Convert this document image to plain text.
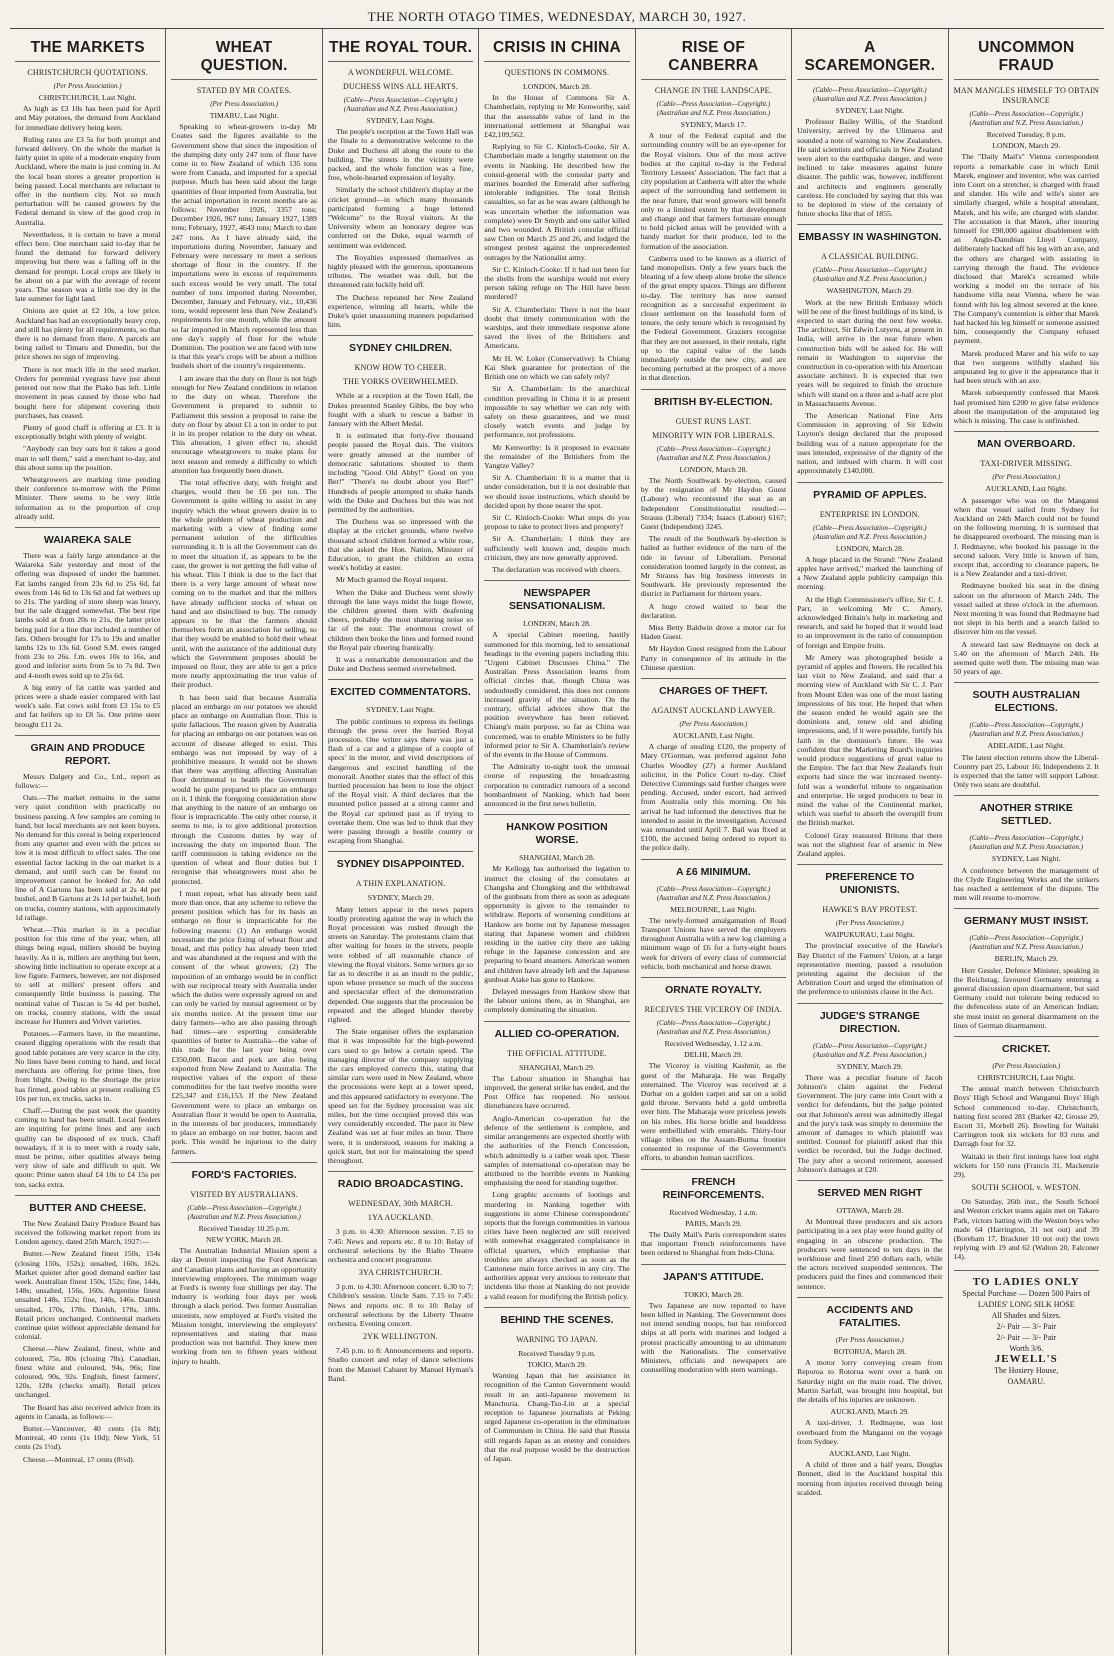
THE NORTH OTAGO TIMES, WEDNESDAY, MARCH 30, 1927.
THE MARKETS
CHRISTCHURCH QUOTATIONS.
(Per Press Association.)
CHRISTCHURCH, Last Night.
As high as £3 10s has been paid for April and May potatoes, the demand from Auckland for immediate delivery being keen.
Ruling rates are £3 5s for both prompt and forward delivery. On the whole the market is fairly quiet in spite of a moderate enquiry from Auckland, where the main is just coming in. At the local bean stores a greater proportion is being passed. Local merchants are reluctant to offer in the northern city. Not so much perturbation will be caused growers by the Federal demand in view of the good crop in Australia.
Nevertheless, it is certain to have a moral effect here. One merchant said to-day that he found the demand for forward delivery improving but there was a falling off in the demand for prompt. Local crops are likely to be about on a par with the average of recent years. The season was a little too dry in the late summer for light land.
Onions are quiet at £2 10s, a low price. Auckland has had an exceptionally heavy crop, and still has plenty for all requirements, so that there is no demand from there. A parcels are being railed to Timaru and Dunedin, but the price shows no sign of improving.
There is not much life in the seed market. Orders for perennial ryegrass have just about petered out now that the Piako has left. Little movement in peas caused by those who had bought here for shipment covering their purchases, has ceased.
Plenty of good chaff is offering at £3. It is exceptionally bright with plenty of weight.
"Anybody can buy oats but it takes a good man to sell them," said a merchant to-day, and this about sums up the position.
Wheatgrowers are marking time pending their conference to-morrow with the Prime Minister. There seems to be very little information as to the proportion of crop already sold.
WAIAREKA SALE
There was a fairly large attendance at the Waiareka Sale yesterday and most of the offering was disposed of under the hammer. Fat lambs ranged from 23s 6d to 25s 6d, fat ewes from 14s 6d to 13s 6d and fat wethers up to 21s. The yarding of store sheep was heavy, but the sale dragged somewhat. The best ripe lambs sold at from 20s to 21s, the latter price being paid for a line that included a number of fats. Others brought for 17s to 19s and smaller lambs 12s to 13s 6d. Good S.M. ewes ranged from 23s to 26s. f.m. ewes 10s to 16s, and good and inferior sorts from 5s to 7s 8d. Two and 4-tooth ewes sold up to 25s 6d.
A big entry of fat cattle was yarded and prices were a shade easier compared with last week's sale. Fat cows sold from £3 15s to £5 and fat heifers up to £8 5s. One prime steer brought £11 2s.
GRAIN AND PRODUCE REPORT.
Messrs Dalgety and Co., Ltd., report as follows:—
Oats.—The market remains in the same very quiet condition with practically no business passing. A few samples are coming to hand, but local merchants are not keen buyers. No demand for this cereal is being experienced from any quarter and even with the prices so low it is most difficult to effect sales. The one essential factor lacking in the oat market is a demand, and until such can be found no improvement cannot be looked for. An odd line of A Gartons has been sold at 2s 4d per bushel, and B Gartons at 2s 1d per bushel, both on trucks, country stations, with approximately 1d railage.
Wheat.—This market is in a peculiar position for this time of the year, when, all things being equal, millers should be buying heavily. As it is, millers are anything but keen, showing little inclination to operate except at a low figure. Farmers, however, are not disposed to sell at millers' present offers and consequently little business is passing. The nominal value of Tuscan is 5s 4d per bushel, on trucks, country stations, with the usual increase for Hunters and Velvet varieties.
Potatoes.—Farmers have, in the meantime, ceased digging operations with the result that good table potatoes are very scarce in the city. No lines have been coming to hand, and local merchants are offering for prime lines, free from blight. Owing to the shortage the price has firmed, good tables at present realising £5 10s per ton, ex trucks, sacks in.
Chaff.—During the past week the quantity coming to hand has been small. Local feeders are inquiring for prime lines and any such quality can be disposed of ex truck. Chaff nowadays, if it is to meet with a ready sale, must be prime, other qualities always being very slow of sale and difficult to quit. We quote: Prime oaten sheaf £4 10s to £4 15s per ton, sacks extra.
BUTTER AND CHEESE.
The New Zealand Dairy Produce Board has received the following market report from its London agency, dated 25th March, 1927:—
Butter.—New Zealand finest 150s, 154s (closing 150s, 152s); unsalted, 160s, 162s. Market quieter after good demand earlier last week. Australian finest 150s, 152s; fine, 144s, 148s; unsalted, 156s, 160s. Argentine finest unsalted 148s, 152s; fine, 140s, 146s. Danish unsalted, 170s, 178s. Danish, 178s, 180s. Retail prices unchanged. Continental markets continue quiet without appreciable demand for colonial.
Cheese.—New Zealand, finest, white and coloured, 75s, 80s (closing 78s). Canadian, finest white and coloured, 94s, 96s; fine coloured, 90s, 92s. English, finest farmers', 120s, 128s (checks small). Retail prices unchanged.
The Board has also received advice from its agents in Canada, as follows:—
Butter.—Vancouver, 40 cents (1s 8d); Montreal, 40 cents (1s 10d); New York, 51 cents (2s 1½d).
Cheese.—Montreal, 17 cents (8½d).
WHEAT QUESTION.
STATED BY MR COATES.
(Per Press Association.)
TIMARU, Last Night.
Speaking to wheat-growers to-day Mr Coates said the figures available to the Government show that since the imposition of the dumping duty only 247 tons of flour have come in to New Zealand of which 135 tons were from Canada, and imported for a special purpose. Much has been said about the large quantities of flour imported from Australia, but the actual importation in recent months are as follows: November 1926, 3357 tons; December 1926, 967 tons; January 1927, 1389 tons; February, 1927, 4643 tons; March to date 247 tons. As I have already said, the importations during November, January and February were necessary to meet a serious shortage of flour in the country. If the importations were in excess of requirements such excess would be very small. The total number of tons imported during November, December, January and February, viz., 10,436 tons, would represent less than New Zealand's requirements for one month, while the amount so far imported in March represented less than one day's supply of flour for the whole Dominion. The position we are faced with now is that this year's crops will be about a million bushels short of the country's requirements.
I am aware that the duty on flour is not high enough for New Zealand conditions in relation to the duty on wheat. Therefore the Government is prepared to submit to Parliament this session a proposal to raise the duty on flour by about £1 a ton in order to put it in its proper relation to the duty on wheat. This alteration, I given effect to, should encourage wheatgrowers to make plans for next season and remedy a difficulty to which attention has frequently been drawn.
The total effective duty, with freight and charges, would then be £6 per ton. The Government is quite willing to assist in any inquiry which the wheat growers desire in to the whole problem of wheat production and marketing with a view of finding some permanent solution of the difficulties surrounding it. It is all the Government can do to meet the situation if, as appears to be the case, the grower is not getting the full value of his wheat. This I think is due to the fact that there is a very large amount of wheat now coming on to the market and that the millers have already sufficient stocks of wheat on hand and are disinclined to buy. The remedy appears to be that the farmers should themselves form an association for selling, so that they would be enabled to hold their wheat until, with the assistance of the additional duty which the Government proposes should be imposed on flour, they are able to get a price more nearly approximating the true value of their product.
It has been said that because Australia placed an embargo on our potatoes we should place an embargo on Australian flour. This is quite fallacious. The reason given by Australia for placing an embargo on our potatoes was on account of disease alleged to exist. This embargo was not imposed by way of a prohibitive measure. It would not be shown that there was anything affecting Australian flour detrimental to health the Government would be quite prepared to place an embargo on it. I think the foregoing consideration show that anything in the nature of an embargo on flour is impracticable. The only other course, it seems to me, is to give additional protection through the Customs duties by way of increasing the duty on imported flour. The tariff commission is taking evidence on the question of wheat and flour duties but I recognise that wheatgrowers must also be protected.
I must repeat, what has already been said more than once, that any scheme to relieve the present position which has for its basis an embargo on flour is impracticable for the following reasons: (1) An embargo would necessitate the price fixing of wheat flour and bread, and this policy has already been tried and was abandoned at the request and with the consent of the wheat growers; (2) The imposition of an embargo would be in conflict with our reciprocal treaty with Australia under which the duties were expressly agreed on and can only be varied by mutual agreement or by six months notice. At the present time our dairy farmers—who are also passing through bad times—are exporting considerable quantities of butter to Australia—the value of this trade for the last year being over £350,000. Bacon and pork are also being exported from New Zealand to Australia. The respective values of the export of these commodities for the last twelve months were £25,347 and £16,153. If the New Zealand Government were to place an embargo on Australian flour it would be open to Australia, in the interests of her producers, immediately to place an embargo on our butter, bacon and pork. This would be injurious to the dairy farmers.
FORD'S FACTORIES.
VISITED BY AUSTRALIANS.
(Cable—Press Association—Copyright.) (Australian and N.Z. Press Association.)
Received Tuesday 10.25 p.m.
NEW YORK, March 28.
The Australian Industrial Mission spent a day at Detroit inspecting the Ford American and Canadian plants and having an opportunity interviewing employees. The minimum wage at Ford's is twenty four shillings per day. The industry is working four days per week through a slack period. Two former Australian unionists, now employed at Ford's visited the Mission tonight, interviewing the employers' representatives and stating that mass production was not harmful. They knew men working from ten to fifteen years without injury to health.
THE ROYAL TOUR.
A WONDERFUL WELCOME.
DUCHESS WINS ALL HEARTS.
(Cable—Press Association—Copyright.) (Australian and N.Z. Press Association.)
SYDNEY, Last Night.
The people's reception at the Town Hall was the finale to a demonstrative welcome to the Duke and Duchess all along the route to the building. The streets in the vicinity were packed, and the whole function was a fine, free, whole-hearted expression of loyalty.
Similarly the school children's display at the cricket ground—in which many thousands participated forming a huge lettered "Welcome" to the Royal visitors. At the University where an honorary degree was conferred on the Duke, equal warmth of sentiment was evidenced.
The Royalties expressed themselves as highly pleased with the generous, spontaneous tributes. The weather was dull, but the threatened rain luckily held off.
The Duchess repeated her New Zealand experience, winning all hearts, while the Duke's quiet unassuming manners popularised him.
SYDNEY CHILDREN.
KNOW HOW TO CHEER.
THE YORKS OVERWHELMED.
While at a reception at the Town Hall, the Dukes presented Stanley Gibbs, the boy who fought with a shark to rescue a bather in January with the Albert Medal.
It is estimated that forty-five thousand people passed the Royal dais. The visitors were greatly amused at the number of democratic salutations shouted to them including "Good Old Abby!" Good on you Ber!" "There's no doubt about you Ber!" Hundreds of people attempted to shake hands with the Duke and Duchess but this was not permitted by the authorities.
The Duchess was so impressed with the display at the cricket grounds, where twelve thousand school children formed a white rose, that she asked the Hon. Nation, Minister of Education, to grant the children an extra week's holiday at easter.
Mr Much granted the Royal request.
When the Duke and Duchess went slowly through the lane ways midst the huge flower, the children greeted them with deafening cheers, probably the most shattering noise so far of the tour. The enormous crowd of children then broke the lines and formed round the Royal pair cheering frantically.
It was a remarkable demonstration and the Duke and Duchess seemed overwhelmed.
EXCITED COMMENTATORS.
SYDNEY, Last Night.
The public continues to express its feelings through the press over the hurried Royal procession. One writer says there was just a flash of a car and a glimpse of a couple of specs' in the motor, and vivid descriptions of dangerous and excited handling of the monorail. Another states that the effect of this hurried procession has been to lose the object of the Royal visit. A third declares that the mounted police passed at a strong canter and the Royal car sprinted past as if trying to overtake them. One was led to think that they were passing through a hostile country or escaping from Shanghai.
SYDNEY DISAPPOINTED.
A THIN EXPLANATION.
SYDNEY, March 29.
Many letters appear in the news papers loudly protesting against the way in which the Royal procession was rushed through the streets on Saturday. The protestants claim that after waiting for hours in the streets, people were robbed of all reasonable chance of viewing the Royal visitors. Some writers go so far as to describe it as an insult to the public, upon whose presence so much of the success and spectacular effect of the demonstration depended. One suggests that the procession be repeated and the alleged blunder thereby righted.
The State organiser offers the explanation that it was impossible for the high-powered cars used to go below a certain speed. The managing director of the company supplying the cars employed corrects this, stating that similar cars were used in New Zealand, where the processions were kept at a lower speed, and this appeared satisfactory to everyone. The speed set for the Sydney procession was six miles, but the time occupied proved this was very considerably exceeded. The pace in New Zealand was set at four miles an hour. There were, it is understood, reasons for making a quick start, but not for maintaining the speed throughout.
RADIO BROADCASTING.
WEDNESDAY, 30th MARCH.
1YA AUCKLAND.
3 p.m. to 4.30: Afternoon session. 7.15 to 7.45: News and reports etc. 8 to 10: Relay of orchestral selections by the Rialto Theatre orchestra and concert programme.
3YA CHRISTCHURCH.
3 p.m. to 4.30: Afternoon concert. 6.30 to 7: Children's session. Uncle Sam. 7.15 to 7.45: News and reports etc. 8 to 10: Relay of orchestral selections by the Liberty Theatre orchestra. Evening concert.
2YK WELLINGTON.
7.45 p.m. to 8: Announcements and reports. Studio concert and relay of dance selections from the Manuel Cabaret by Manuel Hyman's Band.
CRISIS IN CHINA
QUESTIONS IN COMMONS.
LONDON, March 28.
In the House of Commons Sir A. Chamberlain, replying to Mr Kenworthy, said that the assessable value of land in the international settlement at Shanghai was £42,109,562.
Replying to Sir C. Kinloch-Cooke, Sir A. Chamberlain made a lengthy statement on the events in Nanking. He described how the consul-general with the consular party and marines boarded the Emerald after suffering intolerable indignities. The total British casualties, so far as he was aware (although he was uncertain whether the information was complete) were Dr Smyth and one sailor killed and two wounded. A British consular official saw Chen on March 25 and 26, and lodged the strongest protest against the unprecedented outrages by the Nationalist army.
Sir C. Kinloch-Cooke: If it had not been for the shells from the warships would not every person taking refuge on The Hill have been murdered?
Sir A. Chamberlain: There is not the least doubt that timely communication with the warships, and their immediate response alone saved the lives of the Britishers and Americans.
Mr H. W. Loker (Conservative): Is Chiang Kai Shek guarantee for protection of the British one on which we can safely rely?
Sir A. Chamberlain: In the anarchical condition prevailing in China it is at present impossible to say whether we can rely with safety on these guarantees, and we must closely watch events and judge by performance, not professions.
Mr Kenworthy: Is it proposed to evacuate the remainder of the Britishers from the Yangtze Valley?
Sir A. Chamberlain: It is a matter that is under consideration, but it is not desirable that we should issue instructions, which should be decided upon by those nearer the spot.
Sir C. Kinloch-Cooke: What steps do you propose to take to protect lives and property?
Sir A. Chamberlain: I think they are sufficiently well known and, despite much criticism, they are now generally approved.
The declaration was received with cheers.
NEWSPAPER SENSATIONALISM.
LONDON, March 28.
A special Cabinet meeting, hastily summoned for this morning, led to sensational headings in the evening papers including this: "Urgent Cabinet Discusses China." The Australian Press Association learns from official circles that, though China was undoubtedly considered, this does not connote increased gravity of the situation. On the contrary, official advices show that the position everywhere has been relieved. Chiang's main purpose, so far as China was concerned, was to enable Ministers to be fully informed prior to Sir A. Chamberlain's review of the events in the House of Commons.
The Admiralty to-night took the unusual course of requesting the broadcasting corporation to contradict rumours of a second bombardment of Nanking, which had been announced in the first news bulletin.
HANKOW POSITION WORSE.
SHANGHAI, March 28.
Mr Kellogg has authorised the legation to instruct the closing of the consulates at Changsha and Chungking and the withdrawal of the gunboats from there as soon as adequate opportunity is given to the remainder to withdraw. Reports of worsening conditions at Hankow are borne out by Japanese messages stating that Japanese women and children residing in the native city there are taking refuge in the Japanese concession and are preparing to board steamers. American women and children have already left and the Japanese gunboat Atake has gone to Hankow.
Delayed messages from Hankow show that the labour unions there, as in Shanghai, are completely dominating the situation.
ALLIED CO-OPERATION.
THE OFFICIAL ATTITUDE.
SHANGHAI, March 29.
The Labour situation in Shanghai has improved, the general strike has ended, and the Post Office has reopened. No serious disturbances have occurred.
Anglo-American co-operation for the defence of the settlement is complete, and similar arrangements are expected shortly with the authorities of the French Concession, which admittedly is a rather weak spot. These samples of international co-operation may be attributed to the horrible events in Nanking emphasising the need for standing together.
Long graphic accounts of lootings and murdering in Nanking together with suggestions in some Chinese correspondents' reports that the foreign communities in various cities have been neglected are still received with somewhat exaggerated complaisance in official quarters, which emphasise that troubles are always checked as soon as the Cantonese main force arrives in any city. The authorities appear very anxious to reiterate that incidents like those at Nanking do not provide a valid reason for modifying the British policy.
BEHIND THE SCENES.
WARNING TO JAPAN.
Received Tuesday 9 p.m.
TOKIO, March 29.
Warning Japan that her assistance in recognition of the Canton Government would result in an anti-Japanese movement in Manchuria. Chang-Tso-Lin at a special reception to Japanese journalists at Peking urged Japanese co-operation in the elimination of Communism in China. He said that Russia still regards Japan as an enemy and considers that the real purpose would be the destruction of Japan.
RISE OF CANBERRA
CHANGE IN THE LANDSCAPE.
(Cable—Press Association—Copyright.) (Australian and N.Z. Press Association.)
SYDNEY, March 17.
A tour of the Federal capital and the surrounding country will be an eye-opener for the Royal visitors. One of the most active bodies at the capital to-day is the Federal Territory Lessees' Association. The fact that a city population at Canberra will alter the whole aspect of the surrounding land settlement in the near future, that wool growers will benefit only to a limited extent by that development and change and that farmers fortunate enough to hold picked areas will be provided with a handy market for their produce, led to the formation of the association.
Canberra used to be known as a district of land monopolists. Only a few years back the bleating of a few sheep alone broke the silence of the great empty spaces. Things are different to-day. The territory has now earned recognition as a successful experiment in closer settlement on the leasehold form of tenure, the only tenure which is recognised by the Federal Government. Graziers recognise that they are not assessed, in their rentals, right up to the capital value of the lands immediately outside the new city, and are becoming perturbed at the prospect of a move in that direction.
BRITISH BY-ELECTION.
GUEST RUNS LAST.
MINORITY WIN FOR LIBERALS.
(Cable—Press Association—Copyright.) (Australian and N.Z. Press Association.)
LONDON, March 28.
The North Southwark by-election, caused by the resignation of Mr Haydon Guest (Labour) who recontested the seat as an Independent Constitutionalist resulted:— Strauss (Liberal) 7334; Isaacs (Labour) 6167; Guest (Independent) 3245.
The result of the Southwark by-election is hailed as further evidence of the turn of the tide in favour of Liberalism. Personal consideration loomed largely in the contest, as Mr Strauss has big business interests in Southwark. He previously represented the district in Parliament for thirteen years.
A huge crowd waited to hear the declaration.
Miss Betty Baldwin drove a motor car for Haden Guest.
Mr Haydon Guest resigned from the Labour Party in consequence of its attitude in the Chinese question.
CHARGES OF THEFT.
AGAINST AUCKLAND LAWYER.
(Per Press Association.)
AUCKLAND, Last Night.
A charge of stealing £120, the property of Mary O'Gorman, was preferred against John Charles Woodley (27) a former Auckland solicitor, in the Police Court to-day. Chief Detective Cummings said further charges were pending. Accused, under escort, had arrived from Australia only this morning. On his arrival he had informed the detectives that he intended to assist in the investigation. Accused was remanded until April 7. Bail was fixed at £100, the accused being ordered to report to the police daily.
A £6 MINIMUM.
(Cable—Press Association—Copyright.) (Australian and N.Z. Press Association.)
MELBOURNE, Last Night.
The newly-formed amalgamation of Road Transport Unions have served the employers throughout Australia with a new log claiming a minimum wage of £6 for a forty-eight hours week for drivers of every class of commercial vehicle, both mechanical and horse drawn.
ORNATE ROYALTY.
RECEIVES THE VICEROY OF INDIA.
(Cable—Press Association—Copyright.) (Australian and N.Z. Press Association.)
Received Wednesday, 1.12 a.m.
DELHI, March 29.
The Viceroy is visiting Kashmir, as the guest of the Maharaja. He was Regally entertained. The Viceroy was received at a Durbar on a golden carpet and sat on a solid gold throne. Servants held a gold umbrella over him. The Maharaja wore priceless jewels on his robes. His horse bridle and headdress were embellished with emeralds. Thirty-four village tribes on the Assam-Burma frontier consented in response of the Government's efforts, to abandon human sacrifices.
FRENCH REINFORCEMENTS.
Received Wednesday, 1 a.m.
PARIS, March 29.
The Daily Mail's Paris correspondent states that important French reinforcements have been ordered to Shanghai from Indo-China.
JAPAN'S ATTITUDE.
TOKIO, March 28.
Two Japanese are now reported to have been killed in Nanking. The Government does not intend sending troops, but has reinforced ships at all ports with marines and lodged a protest practically amounting to an ultimatum with the Nationalists. The conservative Ministers, officials and newspapers are counselling moderation with stern warnings.
A SCAREMONGER.
(Cable—Press Association—Copyright.) (Australian and N.Z. Press Association.)
SYDNEY, Last Night.
Professor Bailey Willis, of the Stanford University, arrived by the Ulimaroa and sounded a note of warning to New Zealanders. He said scientists and officials in New Zealand were alert to the earthquake danger, and were inclined to take measures against future disaster. The public was, however, indifferent and architects and engineers generally careless. He concluded by saying that this was to be deplored in view of the certainty of future shocks like that of 1855.
EMBASSY IN WASHINGTON.
A CLASSICAL BUILDING.
(Cable—Press Association—Copyright.) (Australian and N.Z. Press Association.)
WASHINGTON, March 29.
Work at the new British Embassy which will be one of the finest buildings of its kind, is expected to start during the next few weeks. The architect, Sir Edwin Lutyens, at present in India, will arrive in the near future when construction bids will be asked for. He will remain in Washington to supervise the construction in co-operation with his American associate architect. It is expected that two years will be required to finish the structure which will stand on a three and a-half acre plot in Massachusetts Avenue.
The American National Fine Arts Commission in approving of Sir Edwin Luyton's design declared that the proposed building was of a nature appropriate for the uses intended, expressive of the dignity of the nation, and imbued with charm. It will cost approximately £140,000.
PYRAMID OF APPLES.
ENTERPRISE IN LONDON.
(Cable—Press Association—Copyright.) (Australian and N.Z. Press Association.)
LONDON, March 28.
A huge placard in the Strand: "New Zealand apples have arrived," marked the launching of a New Zealand apple publicity campaign this morning.
At the High Commissioner's office, Sir C. J. Parr, in welcoming Mr C. Amery, acknowledged Britain's help in marketing and research, and said he hoped that it would lead to an improvement in the ratio of consumption of foreign and Empire fruits.
Mr Amery was photographed beside a pyramid of apples and flowers. He recalled his last visit to New Zealand, and said that a morning view of Auckland with Sir C. J. Parr from Mount Eden was one of the most lasting impressions of his tour. He hoped that when the season ended he would again see the dominions and, renew old and abiding impressions, and, if it were possible, fortify his faith in the dominion's future. He was confident that the Marketing Board's inquiries would produce suggestions of great value to the Empire. The fact that New Zealand's fruit exports had since the war increased twenty-fold was a wonderful tribute to organisation and enterprise. He urged producers to bear in mind the value of the Continental market, which was useful to absorb the overspill from the British market.
Colonel Gray reassured Britons that there was not the slightest fear of arsenic in New Zealand apples.
PREFERENCE TO UNIONISTS.
HAWKE'S BAY PROTEST.
(Per Press Association.)
WAIPUKURAU, Last Night.
The provincial executive of the Hawke's Bay District of the Farmers' Union, at a large representative meeting, passed a resolution protesting against the decision of the Arbitration Court and urged the elimination of the preference to unionists clause in the Act.
JUDGE'S STRANGE DIRECTION.
(Cable—Press Association—Copyright.) (Australian and N.Z. Press Association.)
SYDNEY, March 29.
There was a peculiar feature of Jacob Johnson's claim against the Federal Government. The jury came into Court with a verdict for defendants, but the judge pointed out that Johnson's arrest was admittedly illegal and the jury's task was simply to determine the amount of damages to which plaintiff was entitled. Counsel for plaintiff asked that this verdict be recorded, but the Judge declined. The jury after a second retirement, assessed Johnson's damages at £20.
SERVED MEN RIGHT
OTTAWA, March 28.
At Montreal three producers and six actors participating in a sex play were found guilty of engaging in an obscene production. The producers were sentenced to ten days in the workhouse and fined 250 dollars each, while the actors received suspended sentences. The producers paid the fines and commenced their sentence.
ACCIDENTS AND FATALITIES.
(Per Press Association.)
ROTORUA, March 28.
A motor lorry conveying cream from Reporoa to Rotorua went over a bank on Saturday night on the main road. The driver, Martin Sarfall, was brought into hospital, but the details of his injuries are unknown.
AUCKLAND, March 29.
A taxi-driver, J. Redmayne, was lost overboard from the Manganui on the voyage from Sydney.
AUCKLAND, Last Night.
A child of three and a half years, Douglas Bennett, died in the Auckland hospital this morning from injuries received through being scalded.
UNCOMMON FRAUD
MAN MANGLES HIMSELF TO OBTAIN INSURANCE
(Cable—Press Association—Copyright.) (Australian and N.Z. Press Association.)
Received Tuesday, 8 p.m.
LONDON, March 29.
The "Daily Mail's" Vienna correspondent reports a remarkable case in which Emil Marek, engineer and inventor, who was carried into Court on a stretcher, is charged with fraud and slander. His wife and wife's sister are similarly charged, while a hospital attendant, Marek, and his wife, are charged with slander. The accusation is that Marek, after insuring himself for £90,000 against disablement with an Anglo-Danubian Lloyd Company, deliberately hacked off his leg with an axe, and the others are charged with assisting in carrying through the fraud. The evidence disclosed that Marek's screamed while working a model on the terrace of his handsome villa near Vienna, where he was found with his leg almost severed at the knee. The Company's contention is either that Marek had hacked his leg himself or someone assisted him, consequently the Company refused payment.
Marek produced Marer and his wife to say that two surgeons wilfully slashed his amputated leg to give it the appearance that it had been struck with an axe.
Marek subsequently confessed that Marek had promised him £200 to give false evidence about the manipulation of the amputated leg which is missing. The case is unfinished.
MAN OVERBOARD.
TAXI-DRIVER MISSING.
(Per Press Association.)
AUCKLAND, Last Night.
A passenger who was on the Manganui when that vessel sailed from Sydney for Auckland on 24th March could not be found on the following morning. It is surmised that he disappeared overboard. The missing man is J. Redmayne, who booked his passage in the second saloon. Very little is known of him, except that, according to clearance papers, he is a New Zealander and a taxi-driver.
Redmayne booked his seat in the dining saloon on the afternoon of March 24th. The vessel sailed at three o'clock in the afternoon. Next morning it was found that Redmayne had not slept in his berth and a search failed to discover him on the vessel.
A steward last saw Redmayne on deck at 5.40 on the afternoon of March 24th. He seemed quite well then. The missing man was 50 years of age.
SOUTH AUSTRALIAN ELECTIONS.
(Cable—Press Association—Copyright.) (Australian and N.Z. Press Association.)
ADELAIDE, Last Night.
The latest election returns show the Liberal-Country part 25, Labour 16; Independents 2. It is expected that the latter will support Labour. Only two seats are doubtful.
ANOTHER STRIKE SETTLED.
(Cable—Press Association—Copyright.) (Australian and N.Z. Press Association.)
SYDNEY, Last Night.
A conference between the management of the Clyde Engineering Works and the strikers has reached a settlement of the dispute. The men will resume to-morrow.
GERMANY MUST INSIST.
(Cable—Press Association—Copyright.) (Australian and N.Z. Press Association.)
BERLIN, March 29.
Herr Gessler, Defence Minister, speaking in the Reichstag, favoured Germany entering a general discussion upon disarmament, but said Germany could not tolerate being reduced to the defenceless state of an American Indian; she must insist on general disarmament on the lines of German disarmament.
CRICKET.
(Per Press Association.)
CHRISTCHURCH, Last Night.
The annual match between Christchurch Boys' High School and Wanganui Boys' High School commenced to-day. Christchurch, batting first scored 281 (Barker 42, Grosse 29, Escott 31, Morbell 26). Bowling for Waitaki Carrington took six wickets for 83 runs and Darragh four for 32.
Waitaki in their first innings have lost eight wickets for 150 runs (Francis 31, Mackenzie 29).
SOUTH SCHOOL v. WESTON.
On Saturday, 26th inst., the South School and Weston cricket teams again met on Takaro Park, victors batting with the Weston boys who made 64 (Harrington, 31 not out) and 39 (Boreham 17, Brackner 10 not out) the town replying with 19 and 62 (Walton 20, Falconer 14).
TO LADIES ONLY
Special Purchase — Dozen 500 Pairs of
LADIES' LONG SILK HOSE
All Shades and Sizes.
2/- Pair — 3/- Pair
2/- Pair — 3/- Pair
Worth 3/6.
JEWELL'S
The Hosiery House,
OAMARU.
